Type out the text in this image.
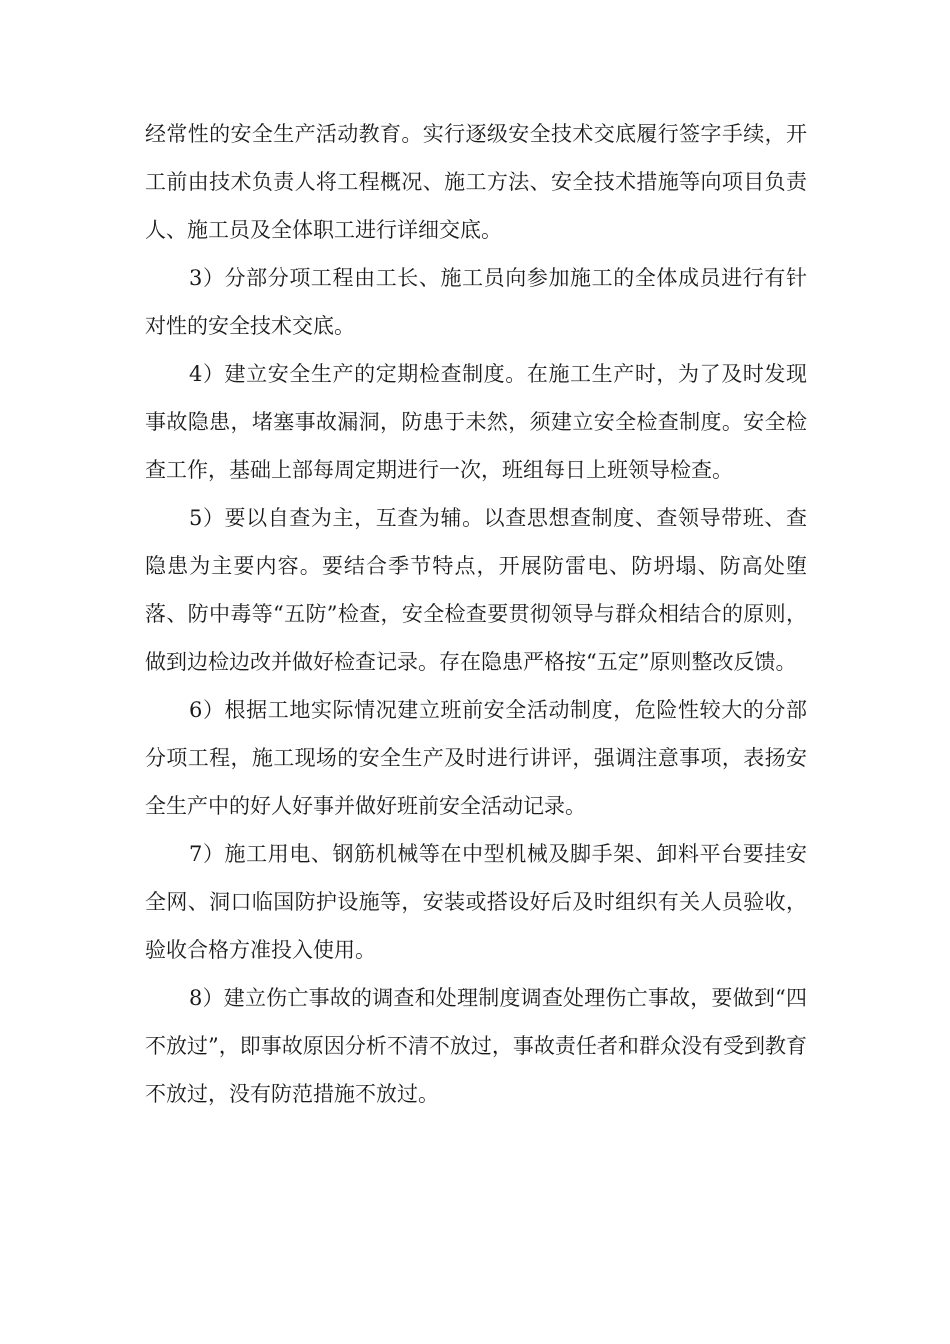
经常性的安全生产活动教育。实行逐级安全技术交底履行签字手续，开工前由技术负责人将工程概况、施工方法、安全技术措施等向项目负责人、施工员及全体职工进行详细交底。

3）分部分项工程由工长、施工员向参加施工的全体成员进行有针对性的安全技术交底。

4）建立安全生产的定期检查制度。在施工生产时，为了及时发现事故隐患，堵塞事故漏洞，防患于未然，须建立安全检查制度。安全检查工作，基础上部每周定期进行一次，班组每日上班领导检查。

5）要以自查为主，互查为辅。以查思想查制度、查领导带班、查隐患为主要内容。要结合季节特点，开展防雷电、防坍塌、防高处堕落、防中毒等“五防”检查，安全检查要贯彻领导与群众相结合的原则，做到边检边改并做好检查记录。存在隐患严格按“五定”原则整改反馈。

6）根据工地实际情况建立班前安全活动制度，危险性较大的分部分项工程，施工现场的安全生产及时进行讲评，强调注意事项，表扬安全生产中的好人好事并做好班前安全活动记录。

7）施工用电、钢筋机械等在中型机械及脚手架、卸料平台要挂安全网、洞口临国防护设施等，安装或搭设好后及时组织有关人员验收，验收合格方准投入使用。

8）建立伤亡事故的调查和处理制度调查处理伤亡事故，要做到“四不放过”，即事故原因分析不清不放过，事故责任者和群众没有受到教育不放过，没有防范措施不放过。
